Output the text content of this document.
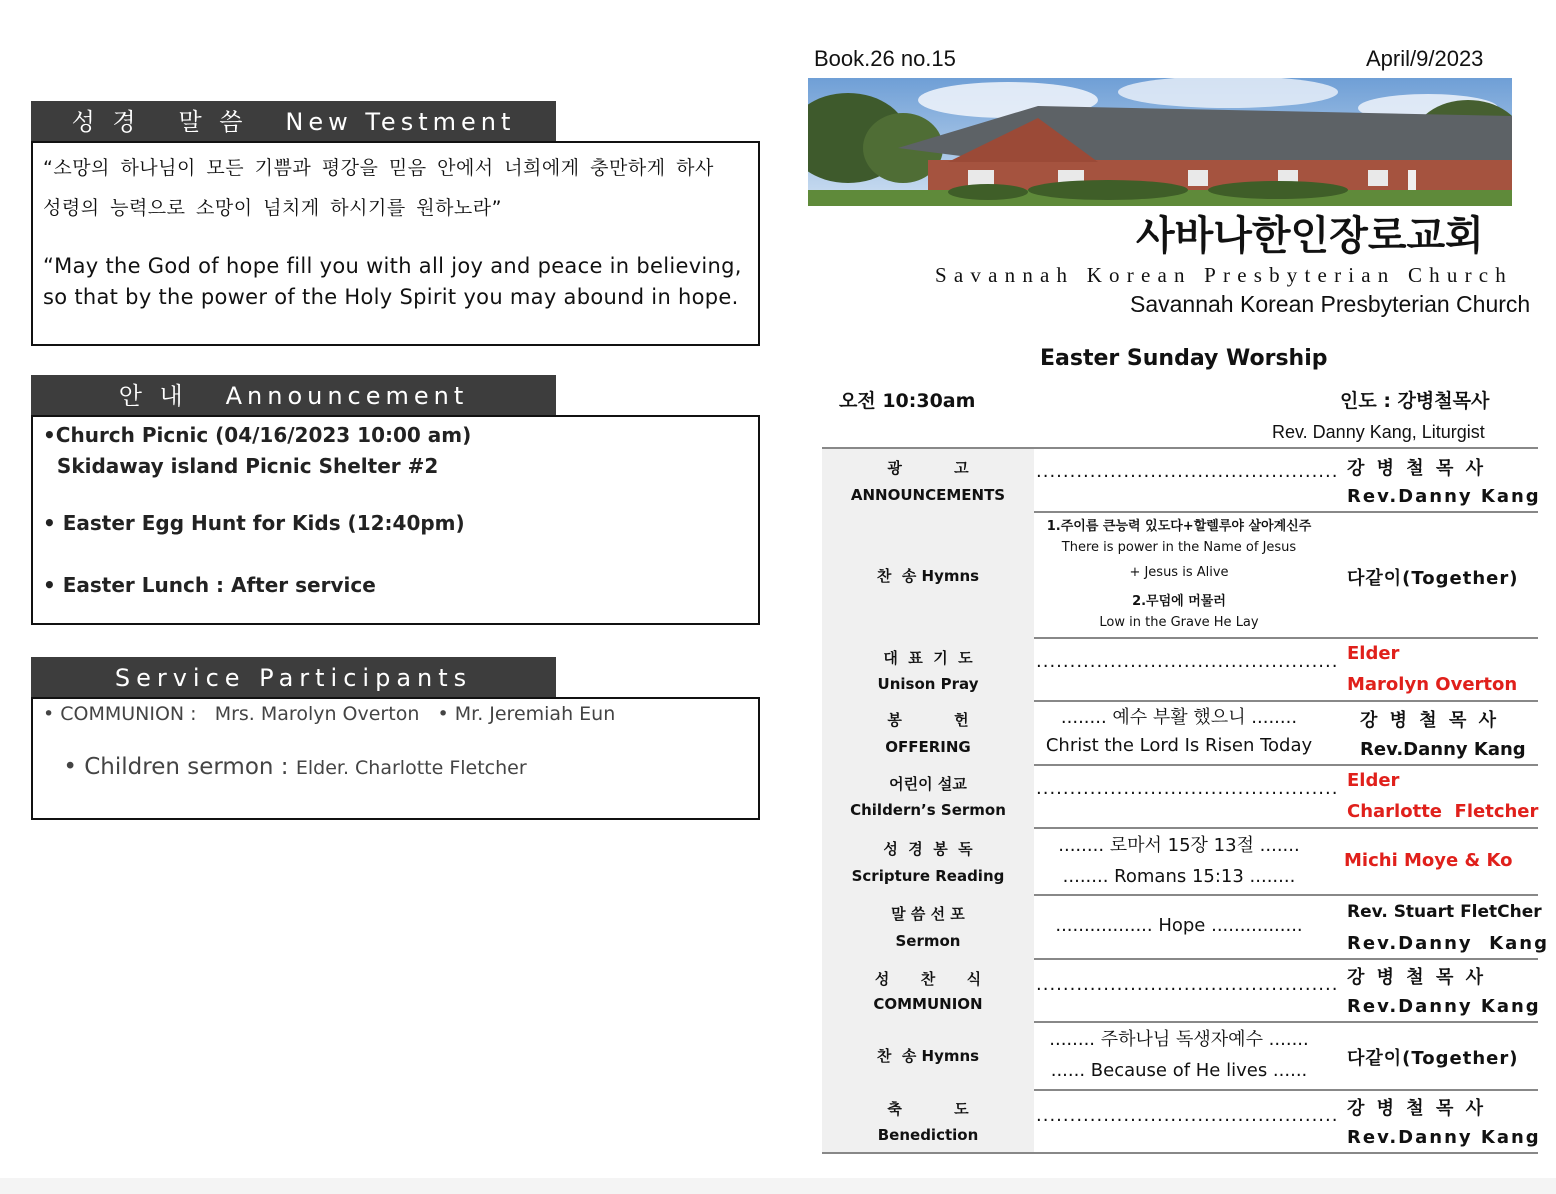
성 경   말 씀   New Testment
“소망의 하나님이 모든 기쁨과 평강을 믿음 안에서 너희에게 충만하게 하사
성령의 능력으로 소망이 넘치게 하시기를 원하노라”
“May the God of hope fill you with all joy and peace in believing, so that by the power of the Holy Spirit you may abound in hope.
안 내   Announcement
•Church Picnic (04/16/2023 10:00 am)
Skidaway island Picnic Shelter #2
• Easter Egg Hunt for Kids (12:40pm)
• Easter Lunch : After service
Service Participants
• COMMUNION :   Mrs. Marolyn Overton   • Mr. Jeremiah Eun

• Children sermon : Elder. Charlotte Fletcher

Book.26 no.15	April/9/2023
사바나한인장로교회
Savannah Korean Presbyterian Church
Savannah Korean Presbyterian Church
Easter Sunday Worship
오전 10:30am	인도 : 강병철목사
Rev. Danny Kang, Liturgist
광          고
ANNOUNCEMENTS
............................................. 강 병 철 목 사
Rev.Danny Kang
찬  송 Hymns
1.주이름 큰능력 있도다+할렐루야 살아계신주
There is power in the Name of Jesus
+ Jesus is Alive
2.무덤에 머물러
Low in the Grave He Lay
다같이(Together)
대  표  기  도
Unison Pray
............................................. Elder
Marolyn Overton
봉          헌
OFFERING
........ 예수 부활 했으니 ........
Christ the Lord Is Risen Today
강 병 철 목 사
Rev.Danny Kang
어린이 설교
Childern’s Sermon
............................................. Elder
Charlotte  Fletcher
성  경  봉  독
Scripture Reading
........ 로마서 15장 13절 .......
........ Romans 15:13 ........
Michi Moye & Ko
말 씀 선 포
Sermon
................. Hope ................
Rev. Stuart FletCher
Rev.Danny  Kang
성      찬      식
COMMUNION
............................................. 강 병 철 목 사
Rev.Danny Kang
찬  송 Hymns
........ 주하나님 독생자예수 .......
...... Because of He lives ......
다같이(Together)
축          도
Benediction
............................................. 강 병 철 목 사
Rev.Danny Kang
